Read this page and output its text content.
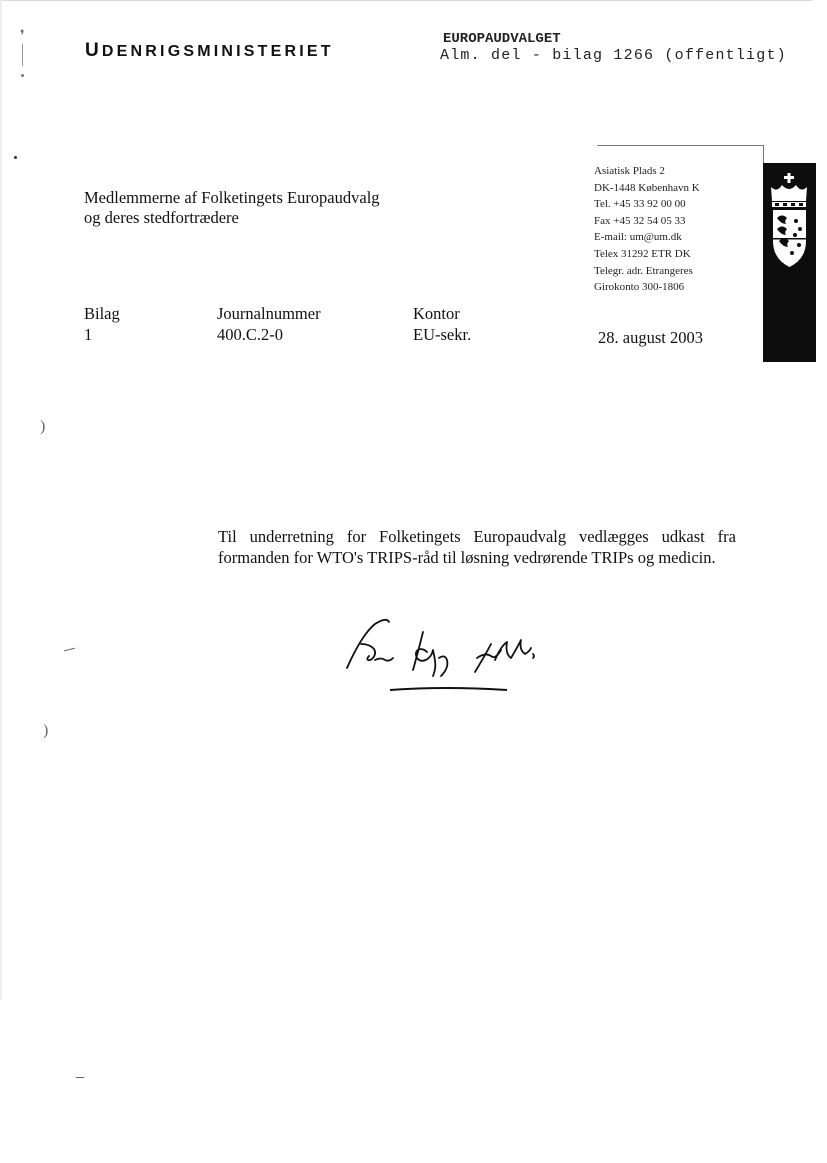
❜
)
)
UDENRIGSMINISTERIET
EUROPAUDVALGET
Alm. del - bilag 1266 (offentligt)
Asiatisk Plads 2
DK-1448 København K
Tel. +45 33 92 00 00
Fax +45 32 54 05 33
E-mail: um@um.dk
Telex 31292 ETR DK
Telegr. adr. Etrangeres
Girokonto 300-1806
Medlemmerne af Folketingets Europaudvalg
og deres stedfortrædere
Bilag
1
Journalnummer
400.C.2-0
Kontor
EU-sekr.	28. august 2003
Til underretning for Folketingets Europaudvalg vedlægges udkast fra formanden for WTO's TRIPS-råd til løsning vedrørende TRIPs og medicin.
